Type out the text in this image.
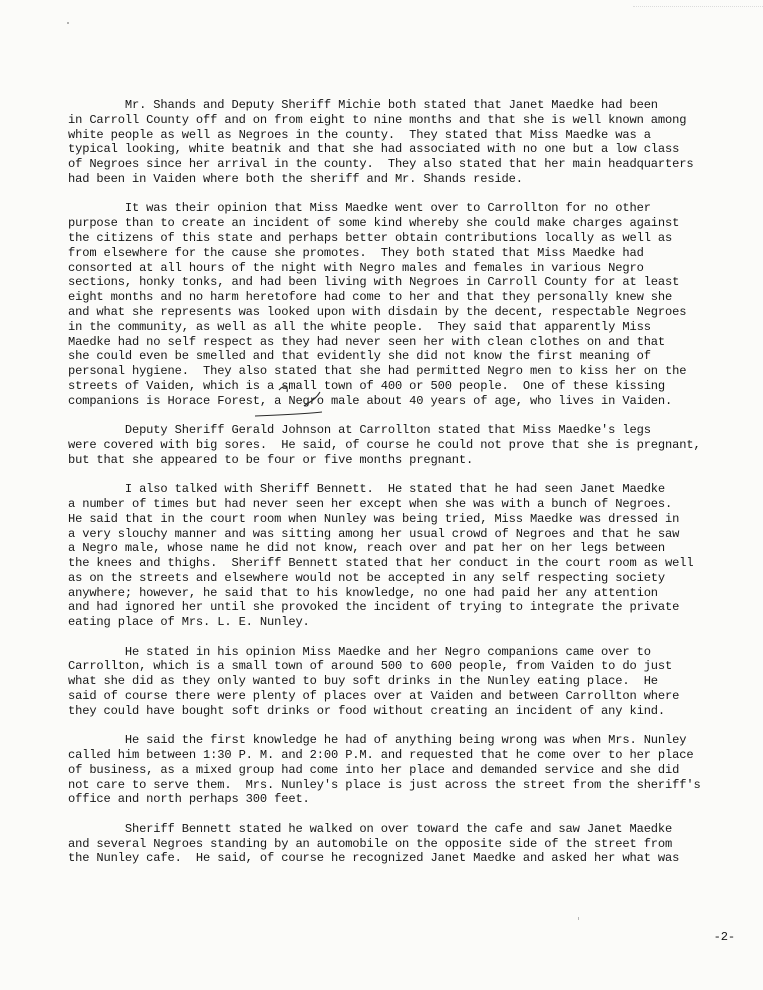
Mr. Shands and Deputy Sheriff Michie both stated that Janet Maedke had been
in Carroll County off and on from eight to nine months and that she is well known among
white people as well as Negroes in the county.  They stated that Miss Maedke was a
typical looking, white beatnik and that she had associated with no one but a low class
of Negroes since her arrival in the county.  They also stated that her main headquarters
had been in Vaiden where both the sheriff and Mr. Shands reside.
It was their opinion that Miss Maedke went over to Carrollton for no other
purpose than to create an incident of some kind whereby she could make charges against
the citizens of this state and perhaps better obtain contributions locally as well as
from elsewhere for the cause she promotes.  They both stated that Miss Maedke had
consorted at all hours of the night with Negro males and females in various Negro
sections, honky tonks, and had been living with Negroes in Carroll County for at least
eight months and no harm heretofore had come to her and that they personally knew she
and what she represents was looked upon with disdain by the decent, respectable Negroes
in the community, as well as all the white people.  They said that apparently Miss
Maedke had no self respect as they had never seen her with clean clothes on and that
she could even be smelled and that evidently she did not know the first meaning of
personal hygiene.  They also stated that she had permitted Negro men to kiss her on the
streets of Vaiden, which is a small town of 400 or 500 people.  One of these kissing
companions is Horace Forest, a Negro male about 40 years of age, who lives in Vaiden.
Deputy Sheriff Gerald Johnson at Carrollton stated that Miss Maedke's legs
were covered with big sores.  He said, of course he could not prove that she is pregnant,
but that she appeared to be four or five months pregnant.
I also talked with Sheriff Bennett.  He stated that he had seen Janet Maedke
a number of times but had never seen her except when she was with a bunch of Negroes.
He said that in the court room when Nunley was being tried, Miss Maedke was dressed in
a very slouchy manner and was sitting among her usual crowd of Negroes and that he saw
a Negro male, whose name he did not know, reach over and pat her on her legs between
the knees and thighs.  Sheriff Bennett stated that her conduct in the court room as well
as on the streets and elsewhere would not be accepted in any self respecting society
anywhere; however, he said that to his knowledge, no one had paid her any attention
and had ignored her until she provoked the incident of trying to integrate the private
eating place of Mrs. L. E. Nunley.
He stated in his opinion Miss Maedke and her Negro companions came over to
Carrollton, which is a small town of around 500 to 600 people, from Vaiden to do just
what she did as they only wanted to buy soft drinks in the Nunley eating place.  He
said of course there were plenty of places over at Vaiden and between Carrollton where
they could have bought soft drinks or food without creating an incident of any kind.
He said the first knowledge he had of anything being wrong was when Mrs. Nunley
called him between 1:30 P. M. and 2:00 P.M. and requested that he come over to her place
of business, as a mixed group had come into her place and demanded service and she did
not care to serve them.  Mrs. Nunley's place is just across the street from the sheriff's
office and north perhaps 300 feet.
Sheriff Bennett stated he walked on over toward the cafe and saw Janet Maedke
and several Negroes standing by an automobile on the opposite side of the street from
the Nunley cafe.  He said, of course he recognized Janet Maedke and asked her what was
-2-
